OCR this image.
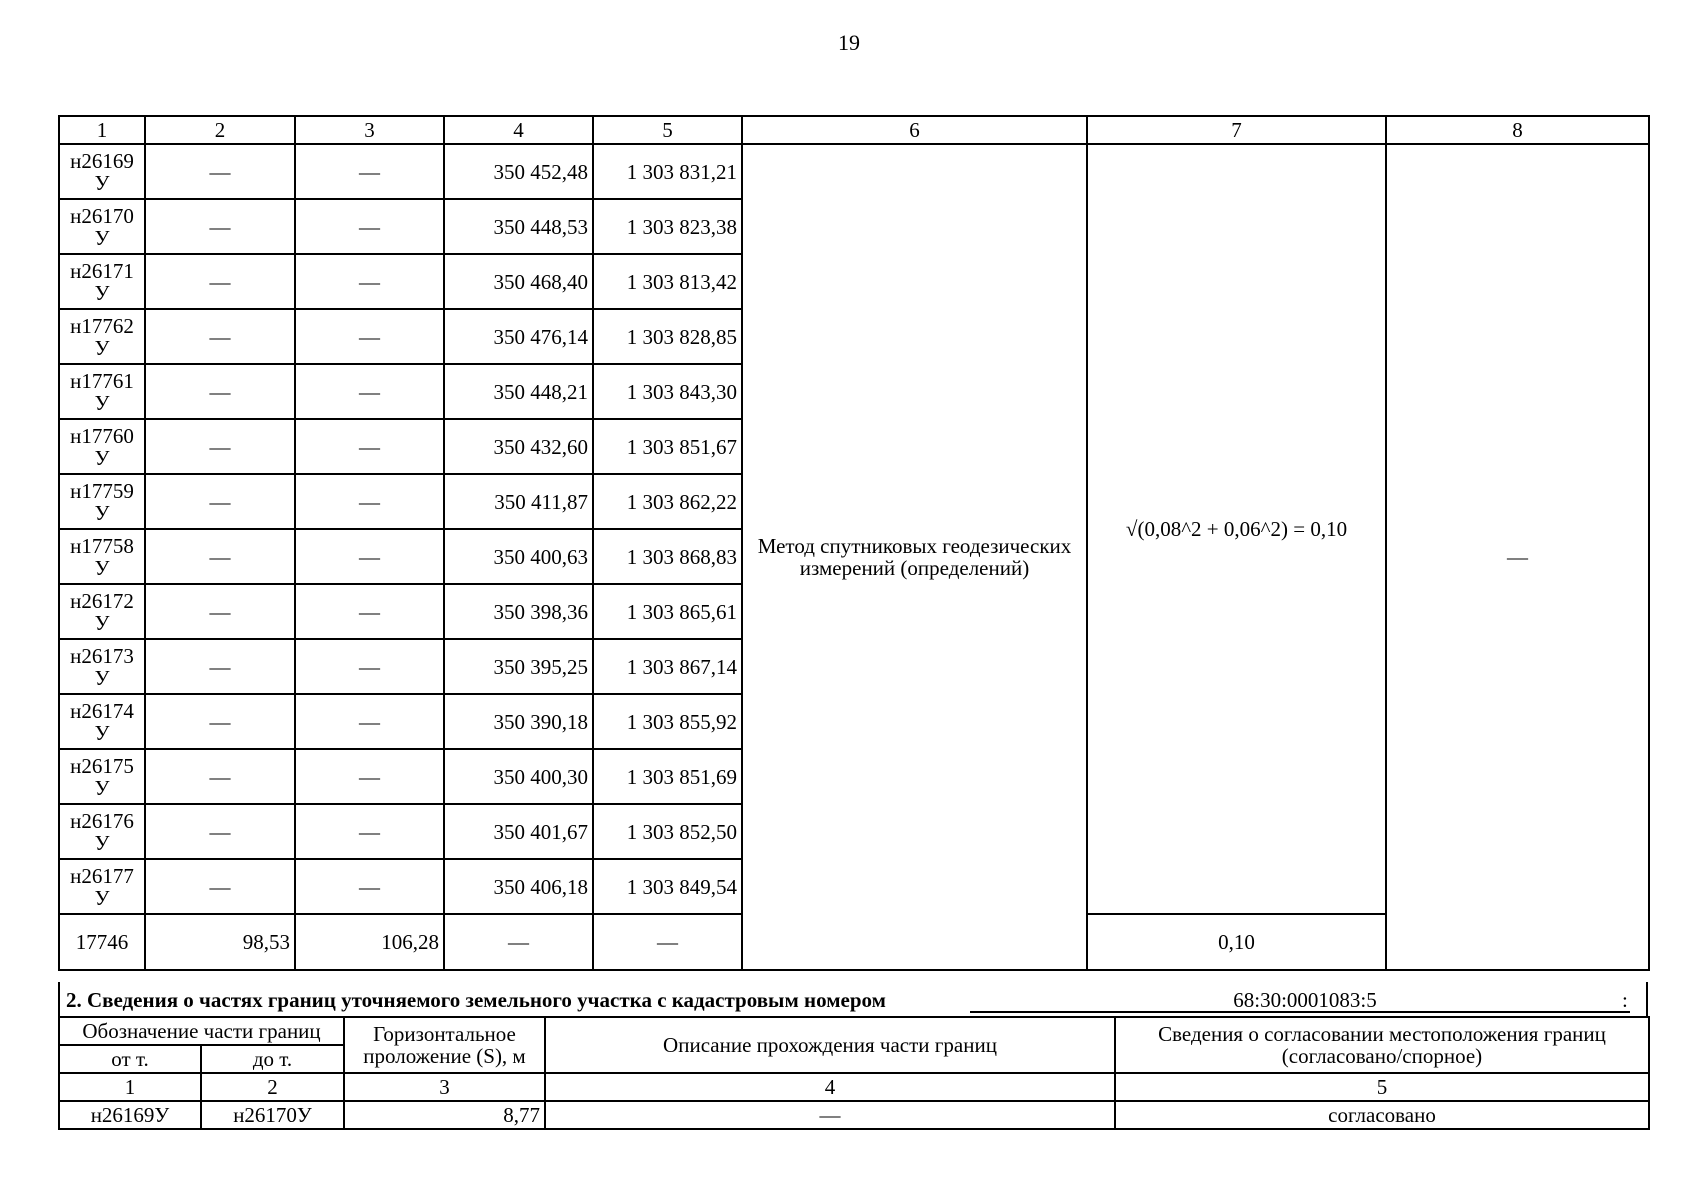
19
1	2	3	4	5	6	7	8
н26169
У	—	—	350 452,48	1 303 831,21	Метод спутниковых геодезических измерений (определений)	√(0,08^2 + 0,06^2) = 0,10	—
н26170
У	—	—	350 448,53	1 303 823,38			
н26171
У	—	—	350 468,40	1 303 813,42			
н17762
У	—	—	350 476,14	1 303 828,85			
н17761
У	—	—	350 448,21	1 303 843,30			
н17760
У	—	—	350 432,60	1 303 851,67			
н17759
У	—	—	350 411,87	1 303 862,22			
н17758
У	—	—	350 400,63	1 303 868,83			
н26172
У	—	—	350 398,36	1 303 865,61			
н26173
У	—	—	350 395,25	1 303 867,14			
н26174
У	—	—	350 390,18	1 303 855,92			
н26175
У	—	—	350 400,30	1 303 851,69			
н26176
У	—	—	350 401,67	1 303 852,50			
н26177
У	—	—	350 406,18	1 303 849,54			
17746	98,53	106,28	—	—		0,10	
2. Сведения о частях границ уточняемого земельного участка с кадастровым номером	68:30:0001083:5	:
Обозначение части границ		Горизонтальное проложение (S), м	Описание прохождения части границ	Сведения о согласовании местоположения границ (согласовано/спорное)
от т.	до т.			
1	2	3	4	5
н26169У	н26170У	8,77	—	согласовано
